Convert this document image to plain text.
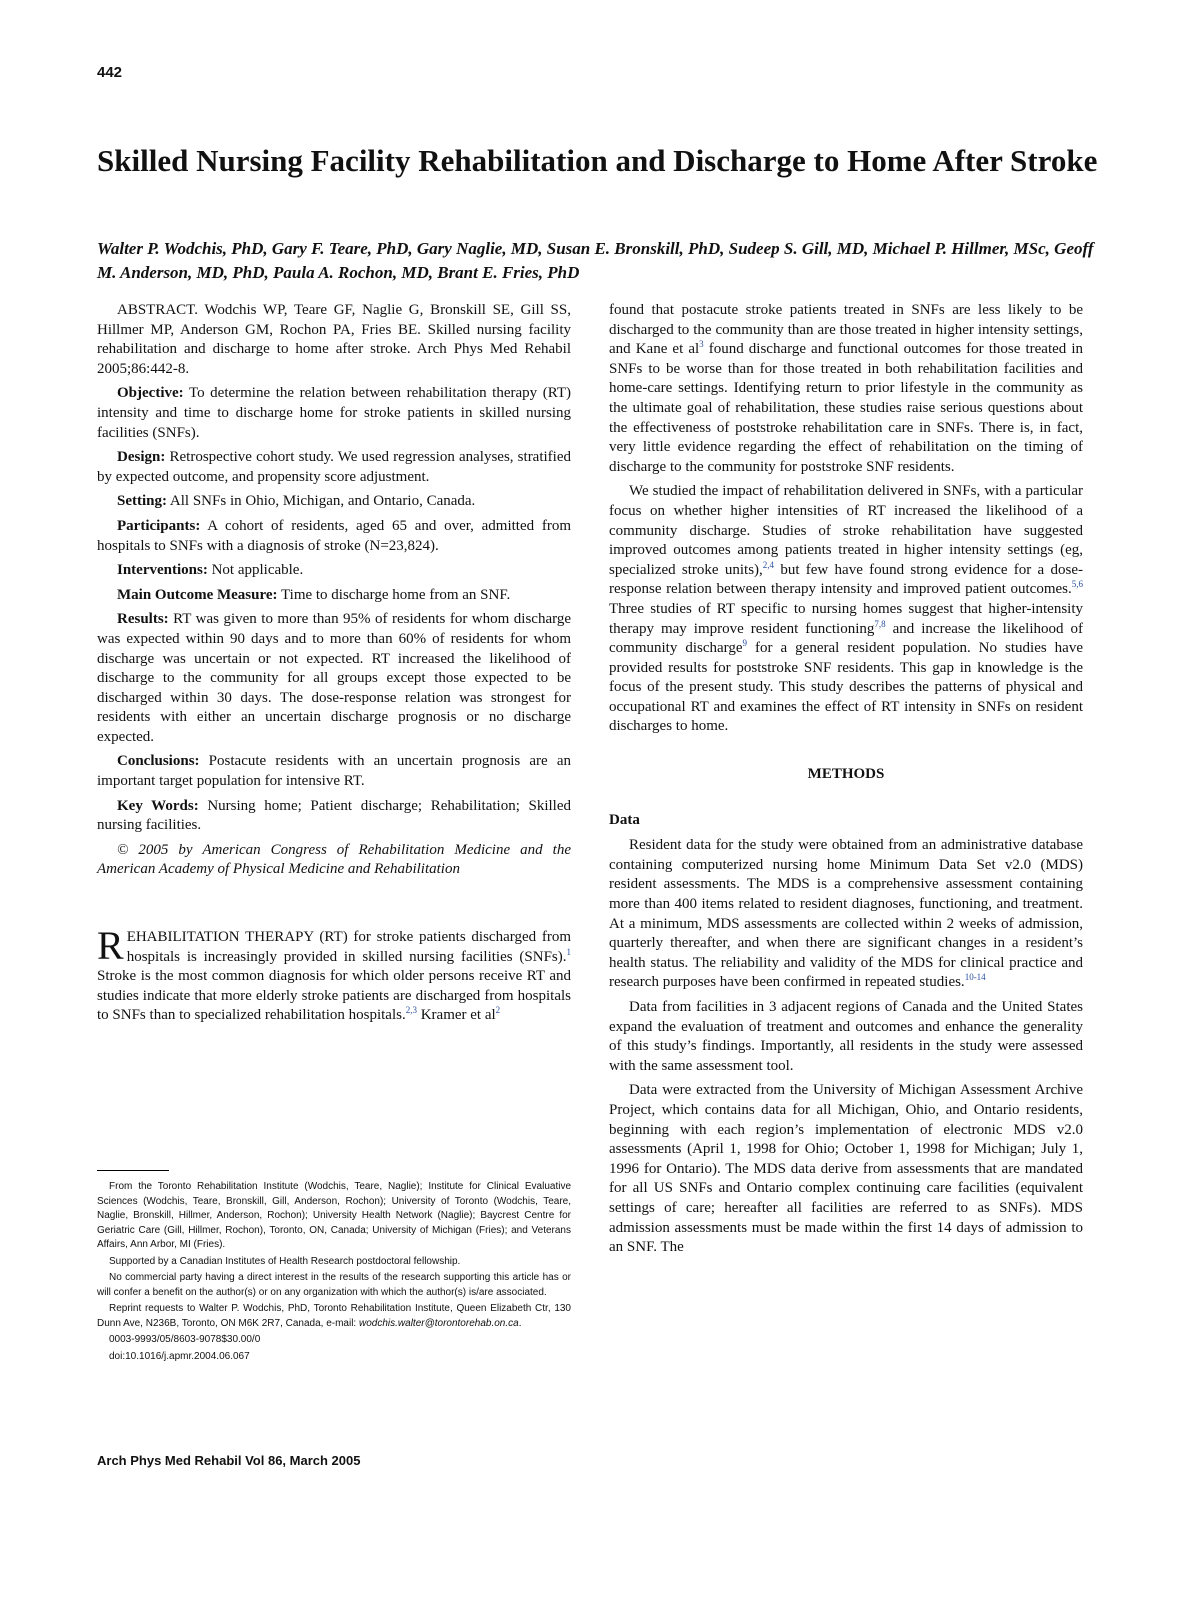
442
Skilled Nursing Facility Rehabilitation and Discharge to Home After Stroke

Walter P. Wodchis, PhD, Gary F. Teare, PhD, Gary Naglie, MD, Susan E. Bronskill, PhD, Sudeep S. Gill, MD, Michael P. Hillmer, MSc, Geoff M. Anderson, MD, PhD, Paula A. Rochon, MD, Brant E. Fries, PhD

ABSTRACT. Wodchis WP, Teare GF, Naglie G, Bronskill SE, Gill SS, Hillmer MP, Anderson GM, Rochon PA, Fries BE. Skilled nursing facility rehabilitation and discharge to home after stroke. Arch Phys Med Rehabil 2005;86:442-8.

Objective: To determine the relation between rehabilitation therapy (RT) intensity and time to discharge home for stroke patients in skilled nursing facilities (SNFs).

Design: Retrospective cohort study. We used regression analyses, stratified by expected outcome, and propensity score adjustment.

Setting: All SNFs in Ohio, Michigan, and Ontario, Canada.

Participants: A cohort of residents, aged 65 and over, admitted from hospitals to SNFs with a diagnosis of stroke (N=23,824).

Interventions: Not applicable.

Main Outcome Measure: Time to discharge home from an SNF.

Results: RT was given to more than 95% of residents for whom discharge was expected within 90 days and to more than 60% of residents for whom discharge was uncertain or not expected. RT increased the likelihood of discharge to the community for all groups except those expected to be discharged within 30 days. The dose-response relation was strongest for residents with either an uncertain discharge prognosis or no discharge expected.

Conclusions: Postacute residents with an uncertain prognosis are an important target population for intensive RT.

Key Words: Nursing home; Patient discharge; Rehabilitation; Skilled nursing facilities.

© 2005 by American Congress of Rehabilitation Medicine and the American Academy of Physical Medicine and Rehabilitation

REHABILITATION THERAPY (RT) for stroke patients discharged from hospitals is increasingly provided in skilled nursing facilities (SNFs).$^1$ Stroke is the most common diagnosis for which older persons receive RT and studies indicate that more elderly stroke patients are discharged from hospitals to SNFs than to specialized rehabilitation hospitals.$^{2,3}$ Kramer et $al^2$

From the Toronto Rehabilitation Institute (Wodchis, Teare, Naglie); Institute for Clinical Evaluative Sciences (Wodchis, Teare, Bronskill, Gill, Anderson, Rochon); University of Toronto (Wodchis, Teare, Naglie, Bronskill, Hillmer, Anderson, Rochon); University Health Network (Naglie); Baycrest Centre for Geriatric Care (Gill, Hillmer, Rochon), Toronto, ON, Canada; University of Michigan (Fries); and Veterans Affairs, Ann Arbor, MI (Fries).

Supported by a Canadian Institutes of Health Research postdoctoral fellowship.

No commercial party having a direct interest in the results of the research supporting this article has or will confer a benefit on the author(s) or on any organization with which the author(s) is/are associated.

Reprint requests to Walter P. Wodchis, PhD, Toronto Rehabilitation Institute, Queen Elizabeth Ctr, 130 Dunn Ave, N236B, Toronto, ON M6K 2R7, Canada, e-mail: wodchis.walter@torontorehab.on.ca.

0003-9993/05/8603-9078$30.00/0

doi:10.1016/j.apmr.2004.06.067

found that postacute stroke patients treated in SNFs are less likely to be discharged to the community than are those treated in higher intensity settings, and Kane et $al^3$ found discharge and functional outcomes for those treated in SNFs to be worse than for those treated in both rehabilitation facilities and home-care settings. Identifying return to prior lifestyle in the community as the ultimate goal of rehabilitation, these studies raise serious questions about the effectiveness of poststroke rehabilitation care in SNFs. There is, in fact, very little evidence regarding the effect of rehabilitation on the timing of discharge to the community for poststroke SNF residents.

We studied the impact of rehabilitation delivered in SNFs, with a particular focus on whether higher intensities of RT increased the likelihood of a community discharge. Studies of stroke rehabilitation have suggested improved outcomes among patients treated in higher intensity settings (eg, specialized stroke units),$^{2,4}$ but few have found strong evidence for a dose-response relation between therapy intensity and improved patient outcomes.$^{5,6}$ Three studies of RT specific to nursing homes suggest that higher-intensity therapy may improve resident functioning$^{7,8}$ and increase the likelihood of community discharge$^9$ for a general resident population. No studies have provided results for poststroke SNF residents. This gap in knowledge is the focus of the present study. This study describes the patterns of physical and occupational RT and examines the effect of RT intensity in SNFs on resident discharges to home.

METHODS
Data

Resident data for the study were obtained from an administrative database containing computerized nursing home Minimum Data Set v2.0 (MDS) resident assessments. The MDS is a comprehensive assessment containing more than 400 items related to resident diagnoses, functioning, and treatment. At a minimum, MDS assessments are collected within 2 weeks of admission, quarterly thereafter, and when there are significant changes in a resident’s health status. The reliability and validity of the MDS for clinical practice and research purposes have been confirmed in repeated studies.$^{10-14}$

Data from facilities in 3 adjacent regions of Canada and the United States expand the evaluation of treatment and outcomes and enhance the generality of this study’s findings. Importantly, all residents in the study were assessed with the same assessment tool.

Data were extracted from the University of Michigan Assessment Archive Project, which contains data for all Michigan, Ohio, and Ontario residents, beginning with each region’s implementation of electronic MDS v2.0 assessments (April 1, 1998 for Ohio; October 1, 1998 for Michigan; July 1, 1996 for Ontario). The MDS data derive from assessments that are mandated for all US SNFs and Ontario complex continuing care facilities (equivalent settings of care; hereafter all facilities are referred to as SNFs). MDS admission assessments must be made within the first 14 days of admission to an SNF. The

Arch Phys Med Rehabil Vol 86, March 2005
